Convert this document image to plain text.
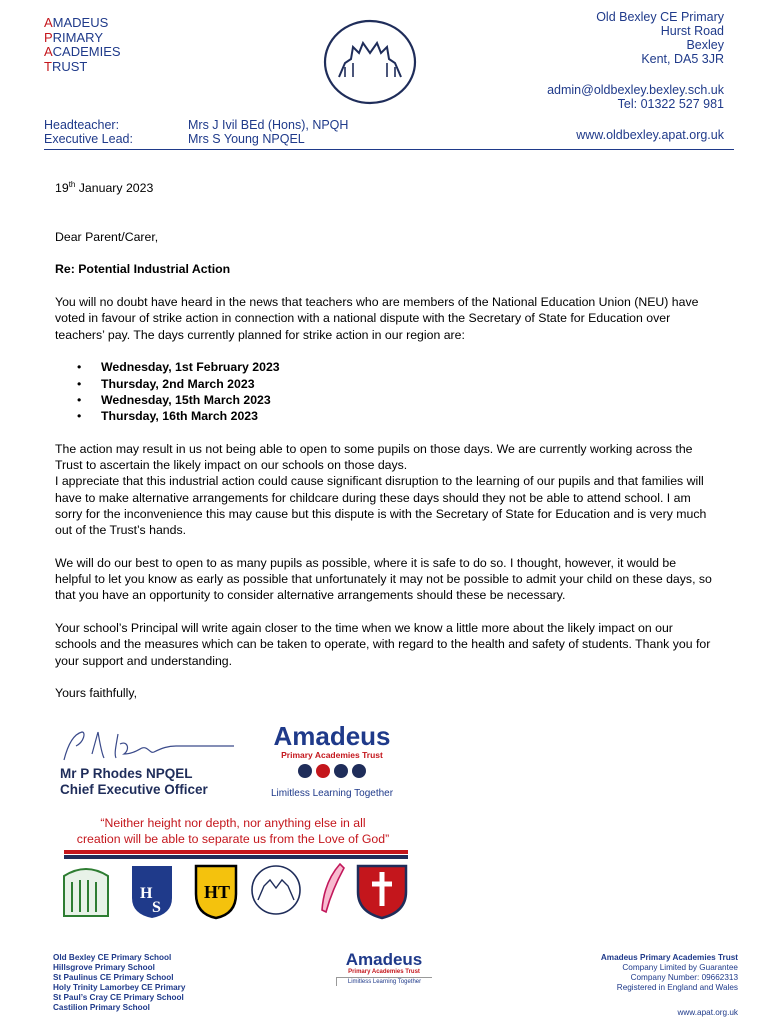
AMADEUS
PRIMARY
ACADEMIES
TRUST
Old Bexley CE Primary
Hurst Road
Bexley
Kent, DA5 3JR
admin@oldbexley.bexley.sch.uk
Tel: 01322 527 981
Headteacher:	Mrs J Ivil BEd (Hons), NPQH
Executive Lead:	Mrs S Young NPQEL	www.oldbexley.apat.org.uk

19th January 2023

Dear Parent/Carer,

Re: Potential Industrial Action

You will no doubt have heard in the news that teachers who are members of the National Education Union (NEU) have voted in favour of strike action in connection with a national dispute with the Secretary of State for Education over teachers’ pay. The days currently planned for strike action in our region are:

• Wednesday, 1st February 2023
• Thursday, 2nd March 2023
• Wednesday, 15th March 2023
• Thursday, 16th March 2023

The action may result in us not being able to open to some pupils on those days. We are currently working across the Trust to ascertain the likely impact on our schools on those days.

I appreciate that this industrial action could cause significant disruption to the learning of our pupils and that families will have to make alternative arrangements for childcare during these days should they not be able to attend school. I am sorry for the inconvenience this may cause but this dispute is with the Secretary of State for Education and is very much out of the Trust’s hands.

We will do our best to open to as many pupils as possible, where it is safe to do so. I thought, however, it would be helpful to let you know as early as possible that unfortunately it may not be possible to admit your child on these days, so that you have an opportunity to consider alternative arrangements should these be necessary.

Your school’s Principal will write again closer to the time when we know a little more about the likely impact on our schools and the measures which can be taken to operate, with regard to the health and safety of students. Thank you for your support and understanding.

Yours faithfully,

Mr P Rhodes NPQEL
Chief Executive Officer
Amadeus
Primary Academies Trust
Limitless Learning Together
“Neither height nor depth, nor anything else in all
creation will be able to separate us from the Love of God”
H
S
HT
Old Bexley CE Primary School
Hillsgrove Primary School
St Paulinus CE Primary School
Holy Trinity Lamorbey CE Primary
St Paul’s Cray CE Primary School
Castilion Primary School
Amadeus
Primary Academies Trust
Limitless Learning Together
Amadeus Primary Academies Trust
Company Limited by Guarantee
Company Number: 09662313
Registered in England and Wales
www.apat.org.uk
